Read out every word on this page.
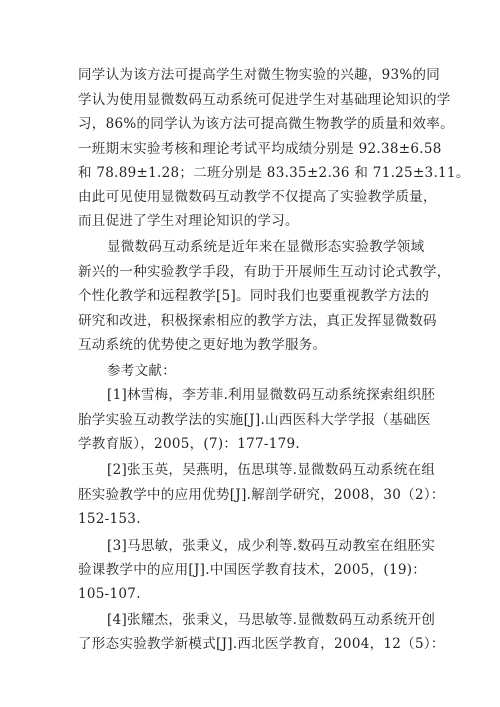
同学认为该方法可提高学生对微生物实验的兴趣，93%的同
学认为使用显微数码互动系统可促进学生对基础理论知识的学
习，86%的同学认为该方法可提高微生物教学的质量和效率。
一班期末实验考核和理论考试平均成绩分别是 92.38±6.58
和 78.89±1.28；二班分别是 83.35±2.36 和 71.25±3.11。
由此可见使用显微数码互动教学不仅提高了实验教学质量，
而且促进了学生对理论知识的学习。
显微数码互动系统是近年来在显微形态实验教学领域
新兴的一种实验教学手段，有助于开展师生互动讨论式教学，
个性化教学和远程教学[5]。同时我们也要重视教学方法的
研究和改进，积极探索相应的教学方法，真正发挥显微数码
互动系统的优势使之更好地为教学服务。
参考文献：
[1]林雪梅，李芳菲.利用显微数码互动系统探索组织胚
胎学实验互动教学法的实施[J].山西医科大学学报（基础医
学教育版），2005，(7)：177-179.
[2]张玉英，吴燕明，伍思琪等.显微数码互动系统在组
胚实验教学中的应用优势[J].解剖学研究，2008，30（2）：
152-153.
[3]马思敏，张秉义，成少利等.数码互动教室在组胚实
验课教学中的应用[J].中国医学教育技术，2005，(19)：
105-107.
[4]张耀杰，张秉义，马思敏等.显微数码互动系统开创
了形态实验教学新模式[J].西北医学教育，2004，12（5）：
